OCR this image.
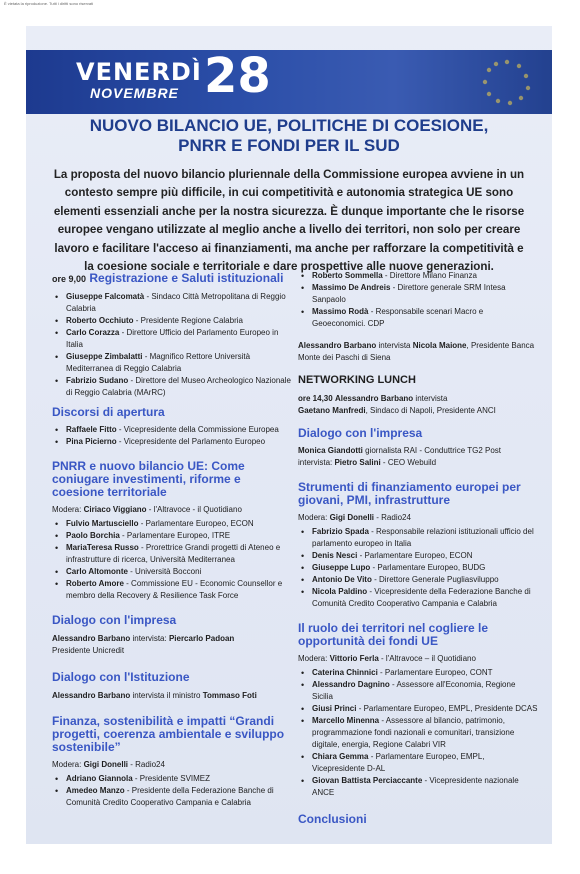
È vietata la riproduzione. Tutti i diritti sono riservati
VENERDÌ
NOVEMBRE 28
NUOVO BILANCIO UE, POLITICHE DI COESIONE,
PNRR E FONDI PER IL SUD

La proposta del nuovo bilancio pluriennale della Commissione europea avviene in un contesto sempre più difficile, in cui competitività e autonomia strategica UE sono elementi essenziali anche per la nostra sicurezza. È dunque importante che le risorse europee vengano utilizzate al meglio anche a livello dei territori, non solo per creare lavoro e facilitare l'acceso ai finanziamenti, ma anche per rafforzare la competitività e la coesione sociale e territoriale e dare prospettive alle nuove generazioni.

ore 9,00 Registrazione e Saluti istituzionali

• Giuseppe Falcomatà - Sindaco Città Metropolitana di Reggio Calabria
• Roberto Occhiuto - Presidente Regione Calabria
• Carlo Corazza - Direttore Ufficio del Parlamento Europeo in Italia
• Giuseppe Zimbalatti - Magnifico Rettore Università Mediterranea di Reggio Calabria
• Fabrizio Sudano - Direttore del Museo Archeologico Nazionale di Reggio Calabria (MArRC)

Discorsi di apertura

• Raffaele Fitto - Vicepresidente della Commissione Europea
• Pina Picierno - Vicepresidente del Parlamento Europeo

PNRR e nuovo bilancio UE: Come coniugare investimenti, riforme e coesione territoriale

Modera: Ciriaco Viggiano - l'Altravoce - il Quotidiano

• Fulvio Martusciello - Parlamentare Europeo, ECON
• Paolo Borchia - Parlamentare Europeo, ITRE
• MariaTeresa Russo - Prorettrice Grandi progetti di Ateneo e infrastrutture di ricerca, Università Mediterranea
• Carlo Altomonte - Università Bocconi
• Roberto Amore - Commissione EU - Economic Counsellor e membro della Recovery & Resilience Task Force

Dialogo con l'impresa

Alessandro Barbano intervista: Piercarlo Padoan

Presidente Unicredit

Dialogo con l'Istituzione

Alessandro Barbano intervista il ministro Tommaso Foti

Finanza, sostenibilità e impatti “Grandi progetti, coerenza ambientale e sviluppo sostenibile”

Modera: Gigi Donelli - Radio24

• Adriano Giannola - Presidente SVIMEZ
• Amedeo Manzo - Presidente della Federazione Banche di Comunità Credito Cooperativo Campania e Calabria
• Roberto Sommella - Direttore Milano Finanza
• Massimo De Andreis - Direttore generale SRM Intesa Sanpaolo
• Massimo Rodà - Responsabile scenari Macro e Geoeconomici. CDP

Alessandro Barbano intervista Nicola Maione, Presidente Banca Monte dei Paschi di Siena

NETWORKING LUNCH

ore 14,30 Alessandro Barbano intervista
Gaetano Manfredi, Sindaco di Napoli, Presidente ANCI

Dialogo con l'impresa

Monica Giandotti giornalista RAI - Conduttrice TG2 Post

intervista: Pietro Salini - CEO Webuild

Strumenti di finanziamento europei per giovani, PMI, infrastrutture

Modera: Gigi Donelli - Radio24

• Fabrizio Spada - Responsabile relazioni istituzionali ufficio del parlamento europeo in Italia
• Denis Nesci - Parlamentare Europeo, ECON
• Giuseppe Lupo - Parlamentare Europeo, BUDG
• Antonio De Vito - Direttore Generale Pugliasviluppo
• Nicola Paldino - Vicepresidente della Federazione Banche di Comunità Credito Cooperativo Campania e Calabria

Il ruolo dei territori nel cogliere le opportunità dei fondi UE

Modera: Vittorio Ferla - l'Altravoce – il Quotidiano

• Caterina Chinnici - Parlamentare Europeo, CONT
• Alessandro Dagnino - Assessore all'Economia, Regione Sicilia
• Giusi Princi - Parlamentare Europeo, EMPL, Presidente DCAS
• Marcello Minenna - Assessore al bilancio, patrimonio, programmazione fondi nazionali e comunitari, transizione digitale, energia, Regione Calabri VIR
• Chiara Gemma - Parlamentare Europeo, EMPL, Vicepresidente D-AL
• Giovan Battista Perciaccante - Vicepresidente nazionale ANCE

Conclusioni
